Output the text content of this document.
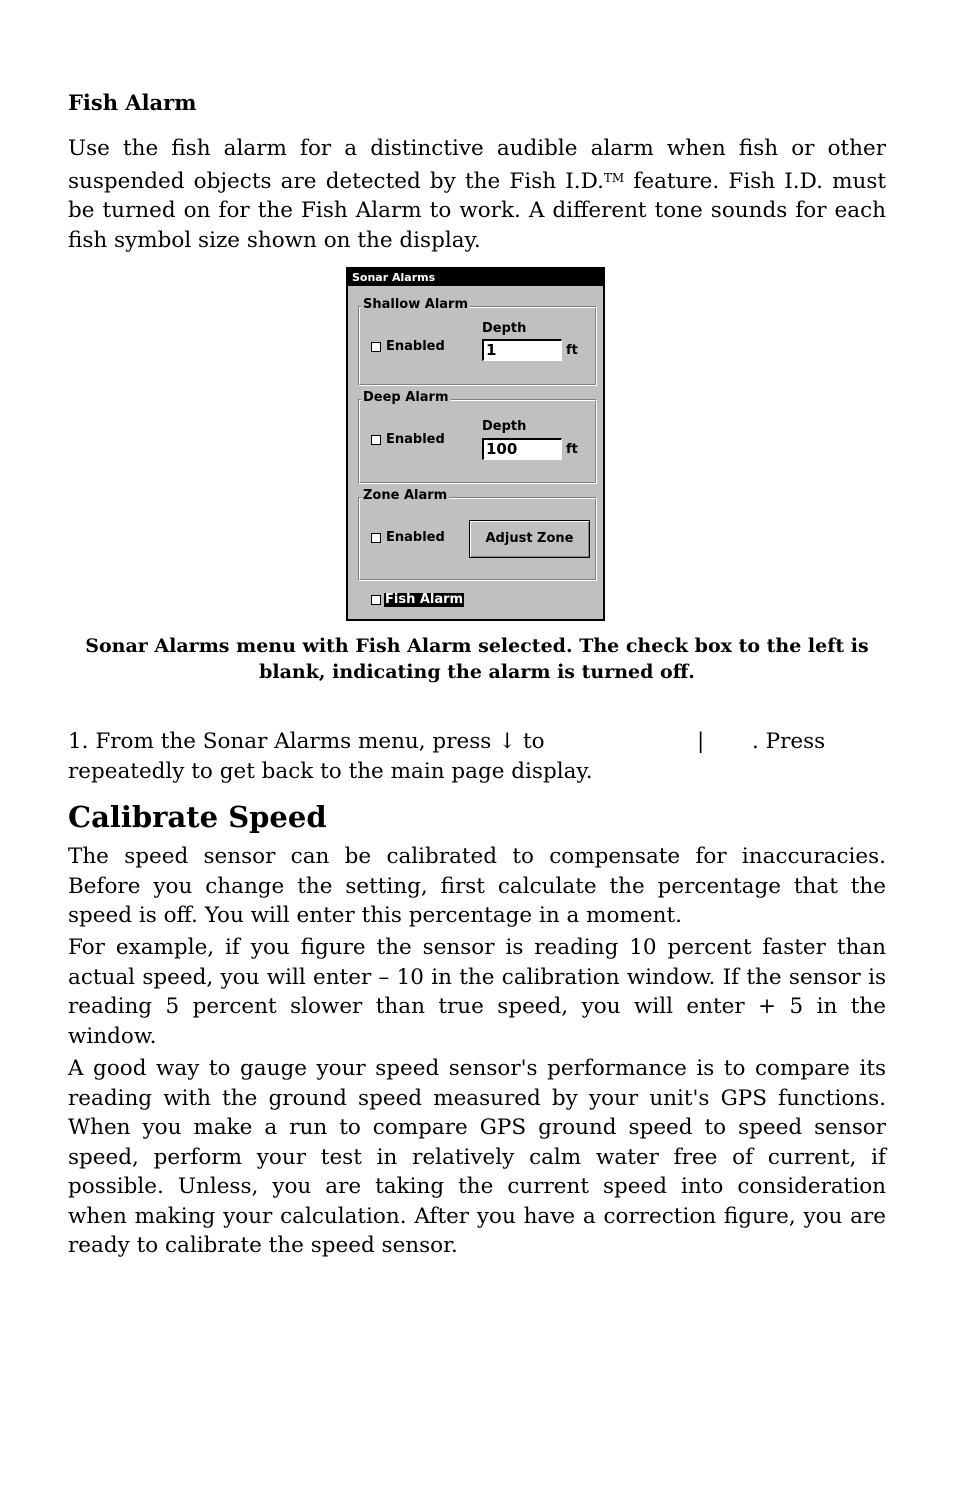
Fish Alarm
Use the fish alarm for a distinctive audible alarm when fish or other suspended objects are detected by the Fish I.D.™ feature. Fish I.D. must be turned on for the Fish Alarm to work. A different tone sounds for each fish symbol size shown on the display.
Sonar Alarms
Shallow Alarm
Enabled
Depth
1	ft
Deep Alarm
Enabled
Depth
100	ft
Zone Alarm
Enabled	Adjust Zone
Fish Alarm
Sonar Alarms menu with Fish Alarm selected. The check box to the left is blank, indicating the alarm is turned off.
1. From the Sonar Alarms menu, press ↓ to	| . Press
repeatedly to get back to the main page display.
Calibrate Speed
The speed sensor can be calibrated to compensate for inaccuracies. Before you change the setting, first calculate the percentage that the speed is off. You will enter this percentage in a moment.
For example, if you figure the sensor is reading 10 percent faster than actual speed, you will enter – 10 in the calibration window. If the sensor is reading 5 percent slower than true speed, you will enter + 5 in the window.
A good way to gauge your speed sensor's performance is to compare its reading with the ground speed measured by your unit's GPS functions. When you make a run to compare GPS ground speed to speed sensor speed, perform your test in relatively calm water free of current, if possible. Unless, you are taking the current speed into consideration when making your calculation. After you have a correction figure, you are ready to calibrate the speed sensor.
